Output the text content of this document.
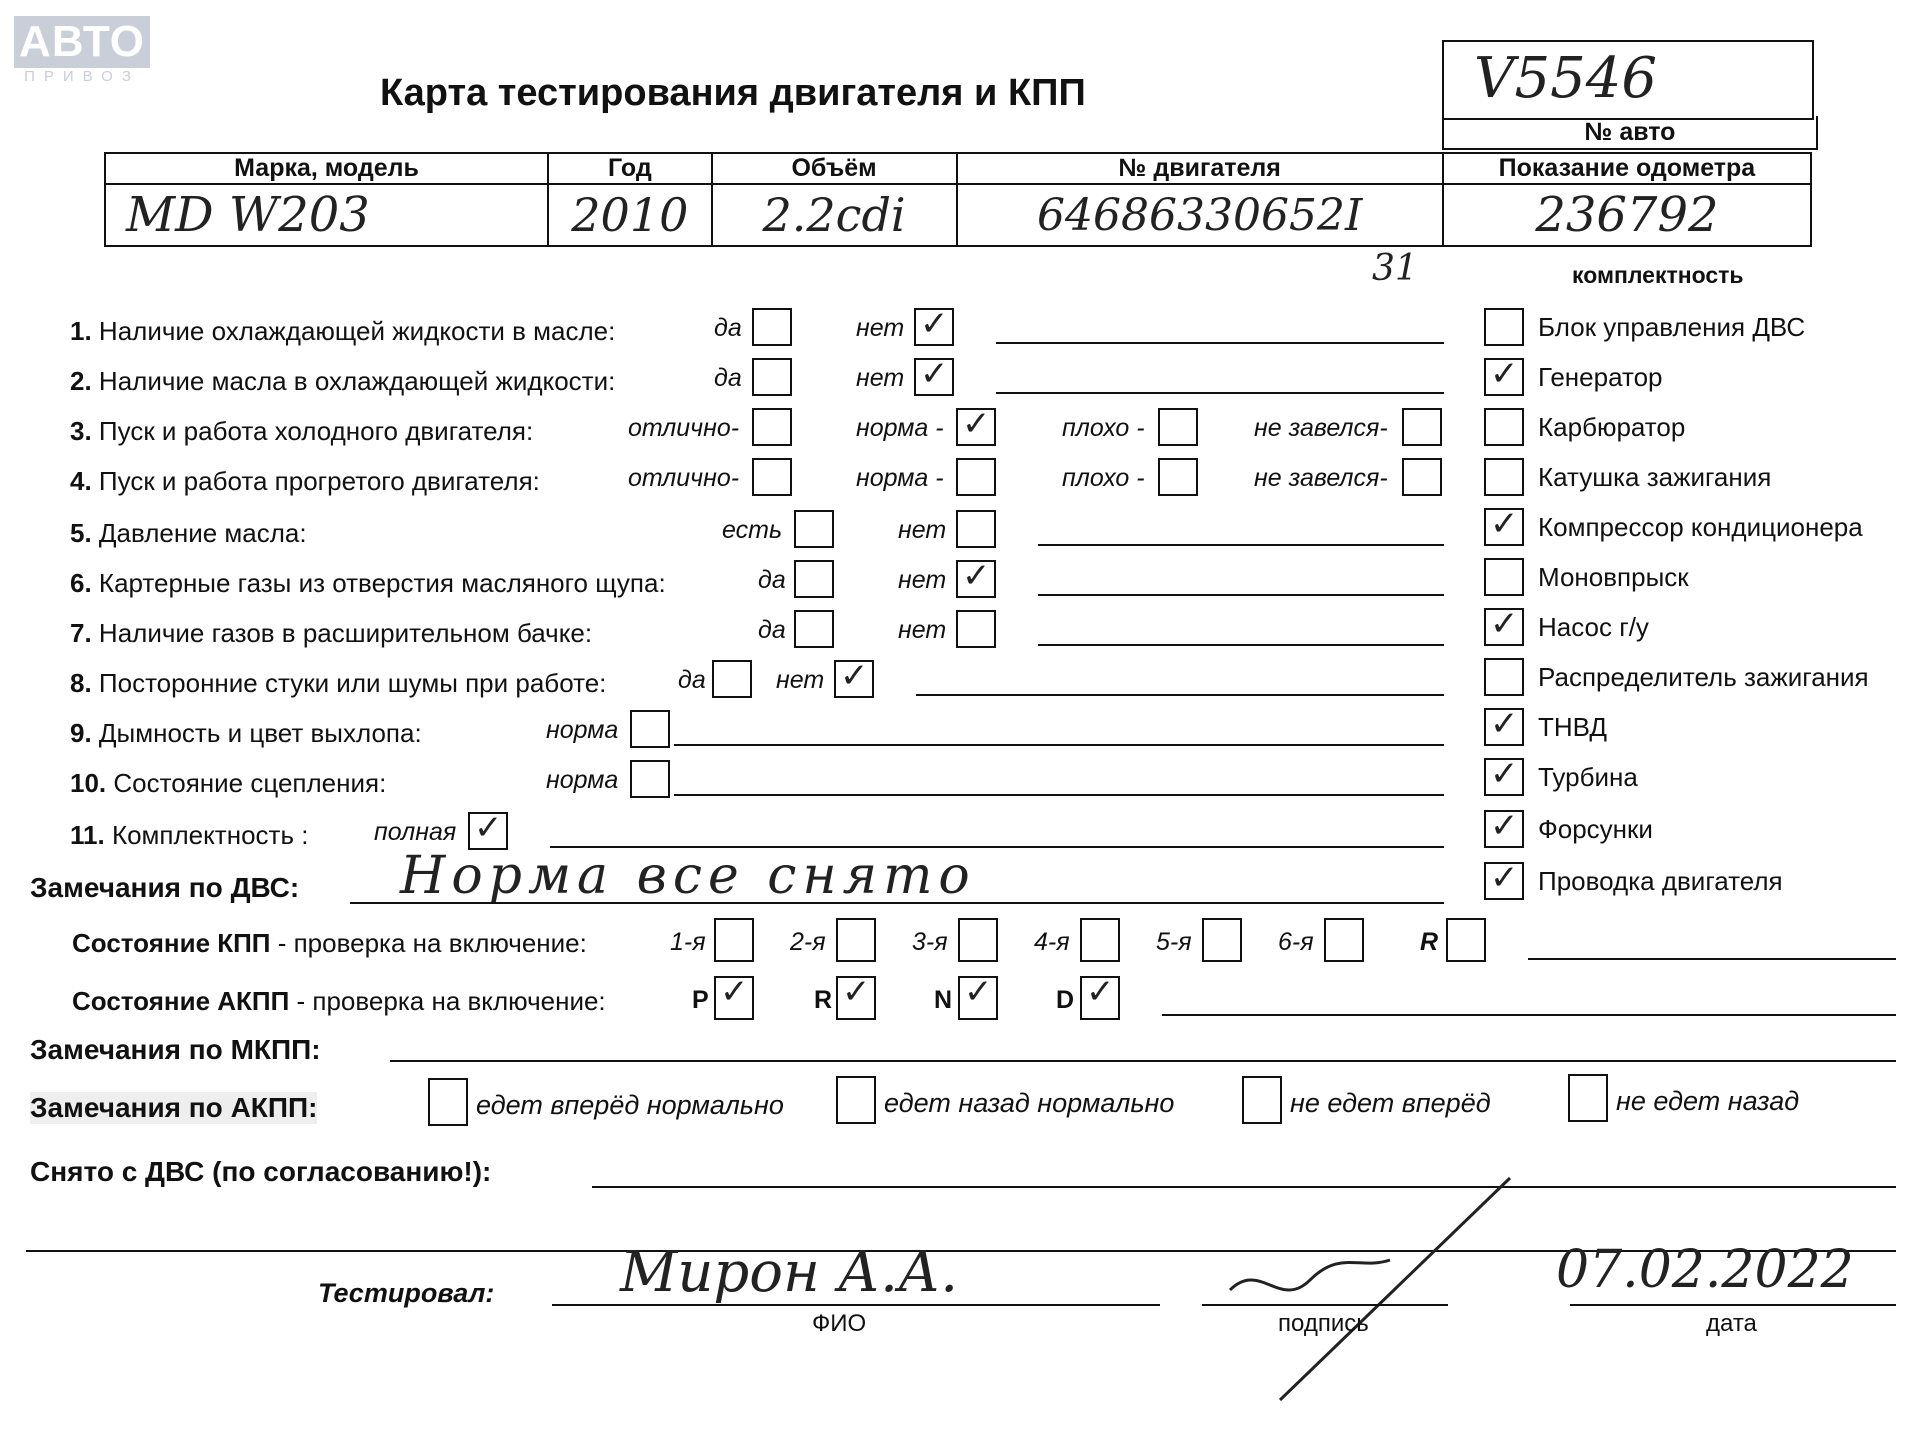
АВТО
ПРИВОЗ	Карта тестирования двигателя и КПП	V5546
№ авто
Марка, модель	Год	Объём	№ двигателя	Показание одометра
MD W203	2010	2.2cdi	64686330652I	236792
31	комплектность
Блок управления ДВС
✓ Генератор
Карбюратор
Катушка зажигания
✓ Компрессор кондиционера
Моновпрыск
✓ Насос г/у
Распределитель зажигания
✓ ТНВД
✓ Турбина
✓ Форсунки
✓ Проводка двигателя
1. Наличие охлаждающей жидкости в масле:	да	нет ✓
2. Наличие масла в охлаждающей жидкости:	да	нет ✓
3. Пуск и работа холодного двигателя:	отлично-	норма - ✓	плохо -	не завелся-
4. Пуск и работа прогретого двигателя:	отлично-	норма -	плохо -	не завелся-
5. Давление масла:	есть	нет
6. Картерные газы из отверстия масляного щупа:	да	нет ✓
7. Наличие газов в расширительном бачке:	да	нет
8. Посторонние стуки или шумы при работе:	да	нет ✓
9. Дымность и цвет выхлопа:	норма
10. Состояние сцепления:	норма
11. Комплектность :	полная ✓
Замечания по ДВС: Норма все снято
Состояние КПП - проверка на включение:	1-я	2-я	3-я	4-я	5-я	6-я	R
Состояние АКПП - проверка на включение:	P ✓	R ✓	N ✓	D ✓
Замечания по МКПП:
Замечания по АКПП:	едет вперёд нормально	едет назад нормально	не едет вперёд	не едет назад
Снято с ДВС (по согласованию!):
Тестировал: Мирон А.А.
ФИО	подпись
07.02.2022
дата
